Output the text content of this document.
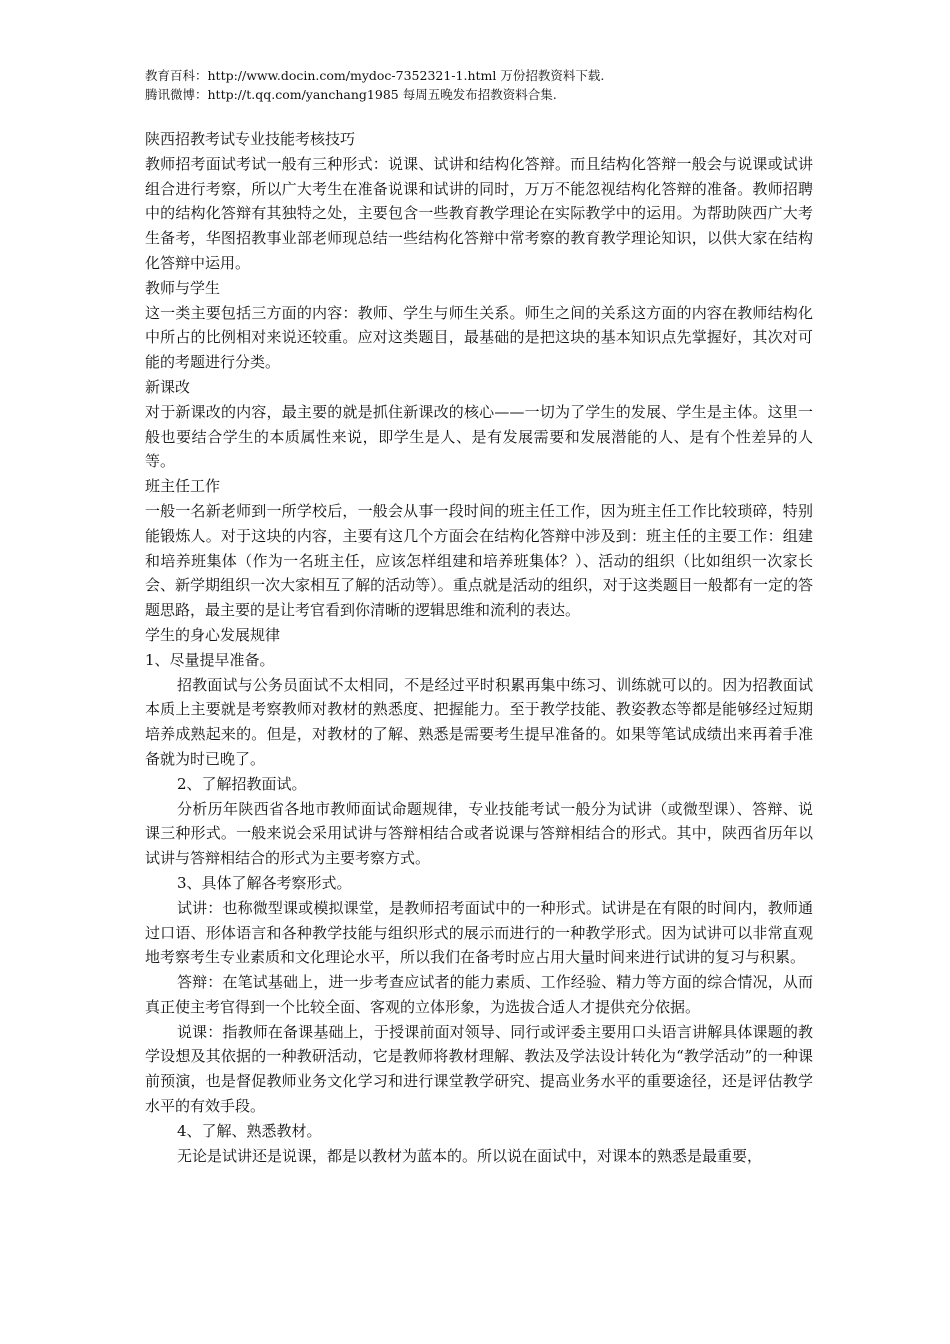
教育百科：http://www.docin.com/mydoc-7352321-1.html 万份招教资料下载.
腾讯微博：http://t.qq.com/yanchang1985 每周五晚发布招教资料合集.

陕西招教考试专业技能考核技巧

教师招考面试考试一般有三种形式：说课、试讲和结构化答辩。而且结构化答辩一般会与说课或试讲组合进行考察，所以广大考生在准备说课和试讲的同时，万万不能忽视结构化答辩的准备。教师招聘中的结构化答辩有其独特之处，主要包含一些教育教学理论在实际教学中的运用。为帮助陕西广大考生备考，华图招教事业部老师现总结一些结构化答辩中常考察的教育教学理论知识，以供大家在结构化答辩中运用。

教师与学生

这一类主要包括三方面的内容：教师、学生与师生关系。师生之间的关系这方面的内容在教师结构化中所占的比例相对来说还较重。应对这类题目，最基础的是把这块的基本知识点先掌握好，其次对可能的考题进行分类。

新课改

对于新课改的内容，最主要的就是抓住新课改的核心——一切为了学生的发展、学生是主体。这里一般也要结合学生的本质属性来说，即学生是人、是有发展需要和发展潜能的人、是有个性差异的人等。

班主任工作

一般一名新老师到一所学校后，一般会从事一段时间的班主任工作，因为班主任工作比较琐碎，特别能锻炼人。对于这块的内容，主要有这几个方面会在结构化答辩中涉及到：班主任的主要工作：组建和培养班集体（作为一名班主任，应该怎样组建和培养班集体？）、活动的组织（比如组织一次家长会、新学期组织一次大家相互了解的活动等）。重点就是活动的组织，对于这类题目一般都有一定的答题思路，最主要的是让考官看到你清晰的逻辑思维和流利的表达。

学生的身心发展规律

1、尽量提早准备。

招教面试与公务员面试不太相同，不是经过平时积累再集中练习、训练就可以的。因为招教面试本质上主要就是考察教师对教材的熟悉度、把握能力。至于教学技能、教姿教态等都是能够经过短期培养成熟起来的。但是，对教材的了解、熟悉是需要考生提早准备的。如果等笔试成绩出来再着手准备就为时已晚了。

2、了解招教面试。

分析历年陕西省各地市教师面试命题规律，专业技能考试一般分为试讲（或微型课）、答辩、说课三种形式。一般来说会采用试讲与答辩相结合或者说课与答辩相结合的形式。其中，陕西省历年以试讲与答辩相结合的形式为主要考察方式。

3、具体了解各考察形式。

试讲：也称微型课或模拟课堂，是教师招考面试中的一种形式。试讲是在有限的时间内，教师通过口语、形体语言和各种教学技能与组织形式的展示而进行的一种教学形式。因为试讲可以非常直观地考察考生专业素质和文化理论水平，所以我们在备考时应占用大量时间来进行试讲的复习与积累。

答辩：在笔试基础上，进一步考查应试者的能力素质、工作经验、精力等方面的综合情况，从而真正使主考官得到一个比较全面、客观的立体形象，为选拔合适人才提供充分依据。

说课：指教师在备课基础上，于授课前面对领导、同行或评委主要用口头语言讲解具体课题的教学设想及其依据的一种教研活动，它是教师将教材理解、教法及学法设计转化为“教学活动”的一种课前预演，也是督促教师业务文化学习和进行课堂教学研究、提高业务水平的重要途径，还是评估教学水平的有效手段。

4、了解、熟悉教材。

无论是试讲还是说课，都是以教材为蓝本的。所以说在面试中，对课本的熟悉是最重要，
